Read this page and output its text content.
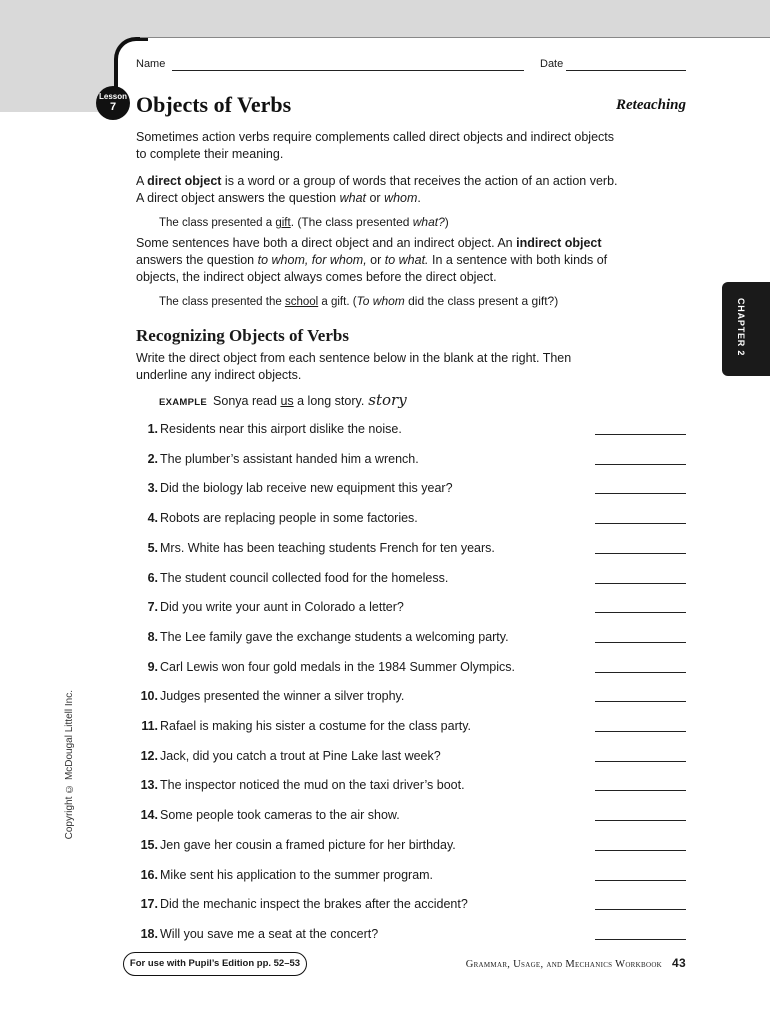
Name	Date
Lesson
7 Objects of Verbs	Reteaching
Sometimes action verbs require complements called direct objects and indirect objects to complete their meaning.
A direct object is a word or a group of words that receives the action of an action verb. A direct object answers the question what or whom.
The class presented a gift. (The class presented what?)
Some sentences have both a direct object and an indirect object. An indirect object answers the question to whom, for whom, or to what. In a sentence with both kinds of objects, the indirect object always comes before the direct object.
The class presented the school a gift. (To whom did the class present a gift?)
Recognizing Objects of Verbs
Write the direct object from each sentence below in the blank at the right. Then underline any indirect objects.
EXAMPLE Sonya read us a long story. story
1. Residents near this airport dislike the noise.
2. The plumber’s assistant handed him a wrench.
3. Did the biology lab receive new equipment this year?
4. Robots are replacing people in some factories.
5. Mrs. White has been teaching students French for ten years.
6. The student council collected food for the homeless.
7. Did you write your aunt in Colorado a letter?
8. The Lee family gave the exchange students a welcoming party.
9. Carl Lewis won four gold medals in the 1984 Summer Olympics.
10. Judges presented the winner a silver trophy.
11. Rafael is making his sister a costume for the class party.
12. Jack, did you catch a trout at Pine Lake last week?
13. The inspector noticed the mud on the taxi driver’s boot.
14. Some people took cameras to the air show.
15. Jen gave her cousin a framed picture for her birthday.
16. Mike sent his application to the summer program.
17. Did the mechanic inspect the brakes after the accident?
18. Will you save me a seat at the concert?
CHAPTER 2
Copyright © McDougal Littell Inc.
For use with Pupil’s Edition pp. 52–53	Grammar, Usage, and Mechanics Workbook 43
